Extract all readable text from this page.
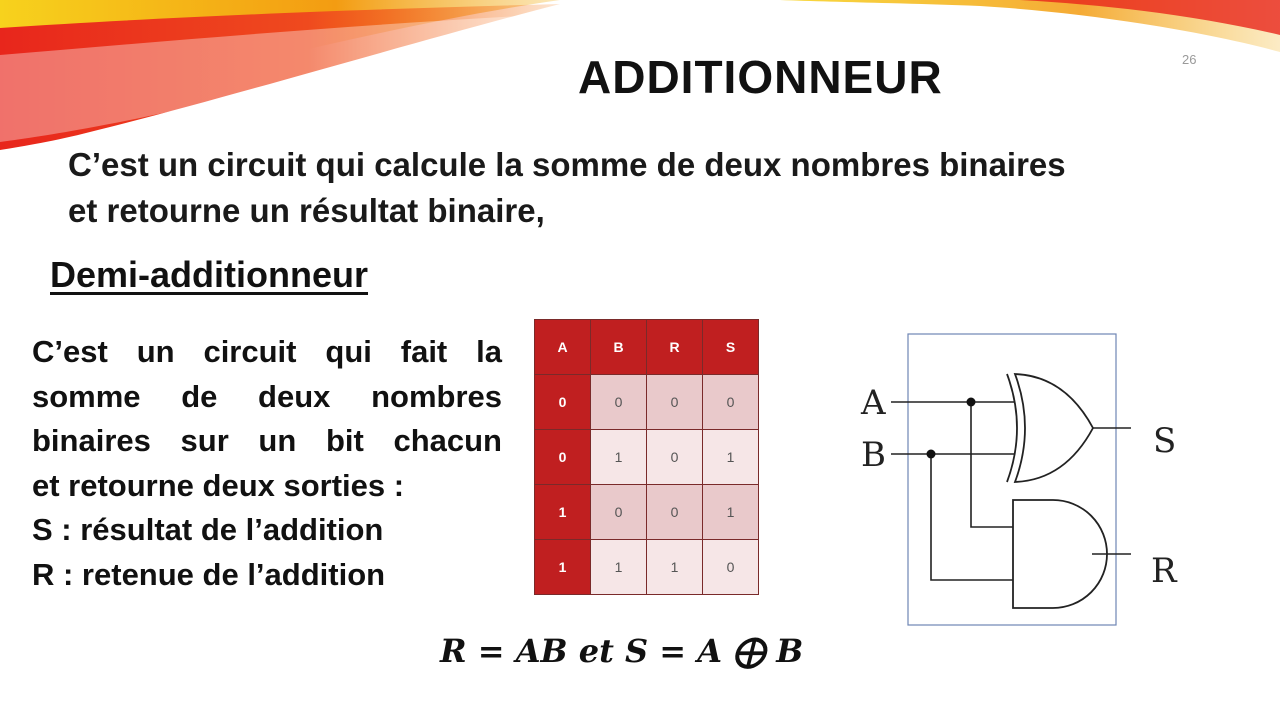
26
ADDITIONNEUR
C’est un circuit qui calcule la somme de deux nombres binaires
et retourne un résultat binaire,
Demi-additionneur
C’est un circuit qui fait la
somme de deux nombres
binaires sur un bit chacun
et retourne deux sorties :
S : résultat de l’addition
R : retenue de l’addition
A	B	R	S
0	0	0	0
0	1	0	1
1	0	0	1
1	1	1	0
A
B	S
R
R = AB et S = A ⨁ B
